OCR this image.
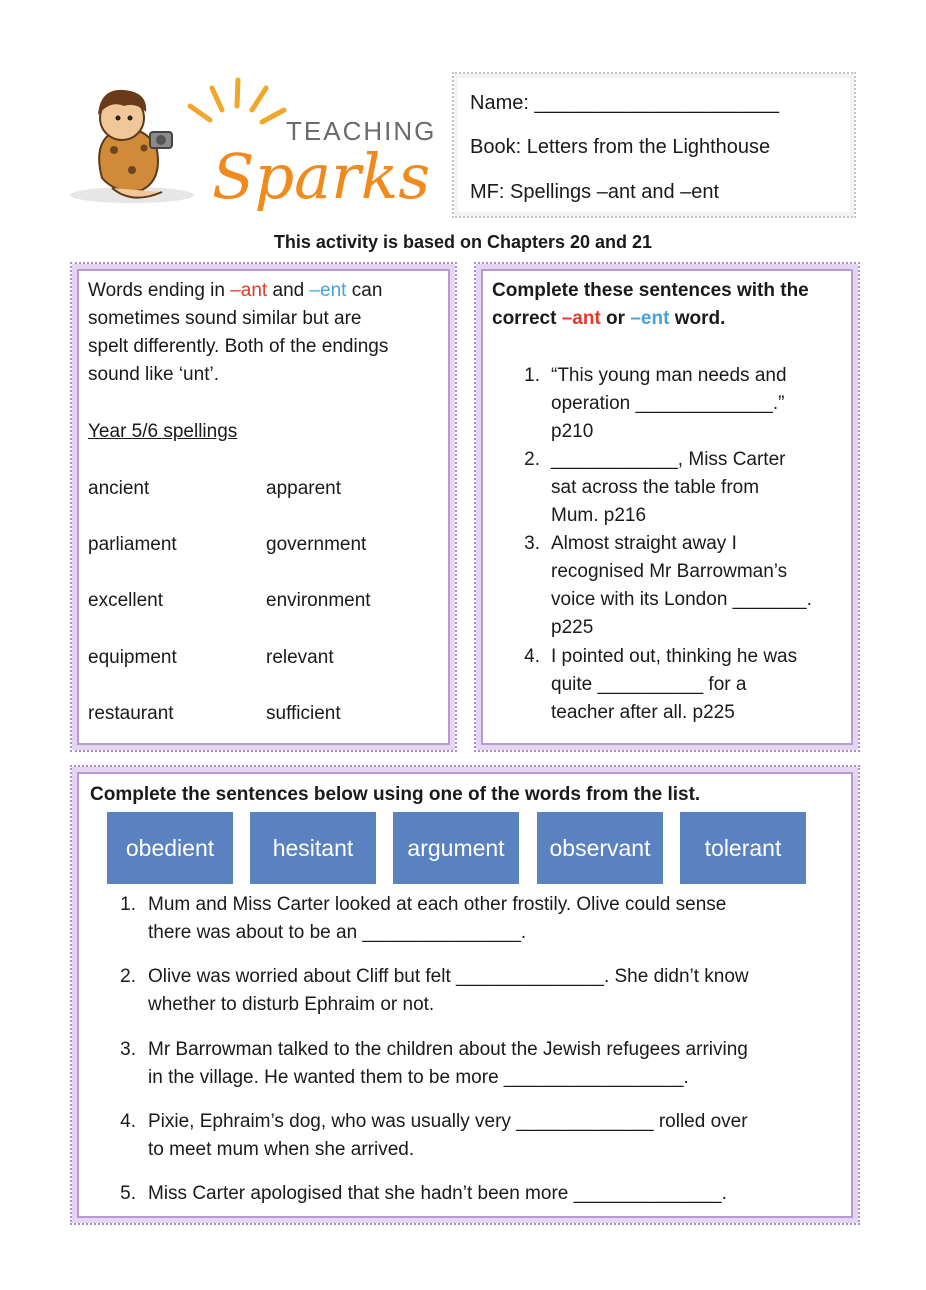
TEACHING
Sparks
Name: ______________________
Book: Letters from the Lighthouse
MF: Spellings –ant and –ent
This activity is based on Chapters 20 and 21
Words ending in –ant and –ent can
sometimes sound similar but are
spelt differently. Both of the endings
sound like ‘unt’.
Year 5/6 spellings
ancient	apparent
parliament	government
excellent	environment
equipment	relevant
restaurant	sufficient
Complete these sentences with the
correct –ant or –ent word.
1. “This young man needs and
operation _____________.”
p210
2. ____________, Miss Carter
sat across the table from
Mum. p216
3. Almost straight away I
recognised Mr Barrowman’s
voice with its London _______.
p225
4. I pointed out, thinking he was
quite __________ for a
teacher after all. p225
Complete the sentences below using one of the words from the list.
obedient	hesitant	argument	observant	tolerant
1. Mum and Miss Carter looked at each other frostily. Olive could sense
there was about to be an _______________.
2. Olive was worried about Cliff but felt ______________. She didn’t know
whether to disturb Ephraim or not.
3. Mr Barrowman talked to the children about the Jewish refugees arriving
in the village. He wanted them to be more _________________.
4. Pixie, Ephraim’s dog, who was usually very _____________ rolled over
to meet mum when she arrived.
5. Miss Carter apologised that she hadn’t been more ______________.
